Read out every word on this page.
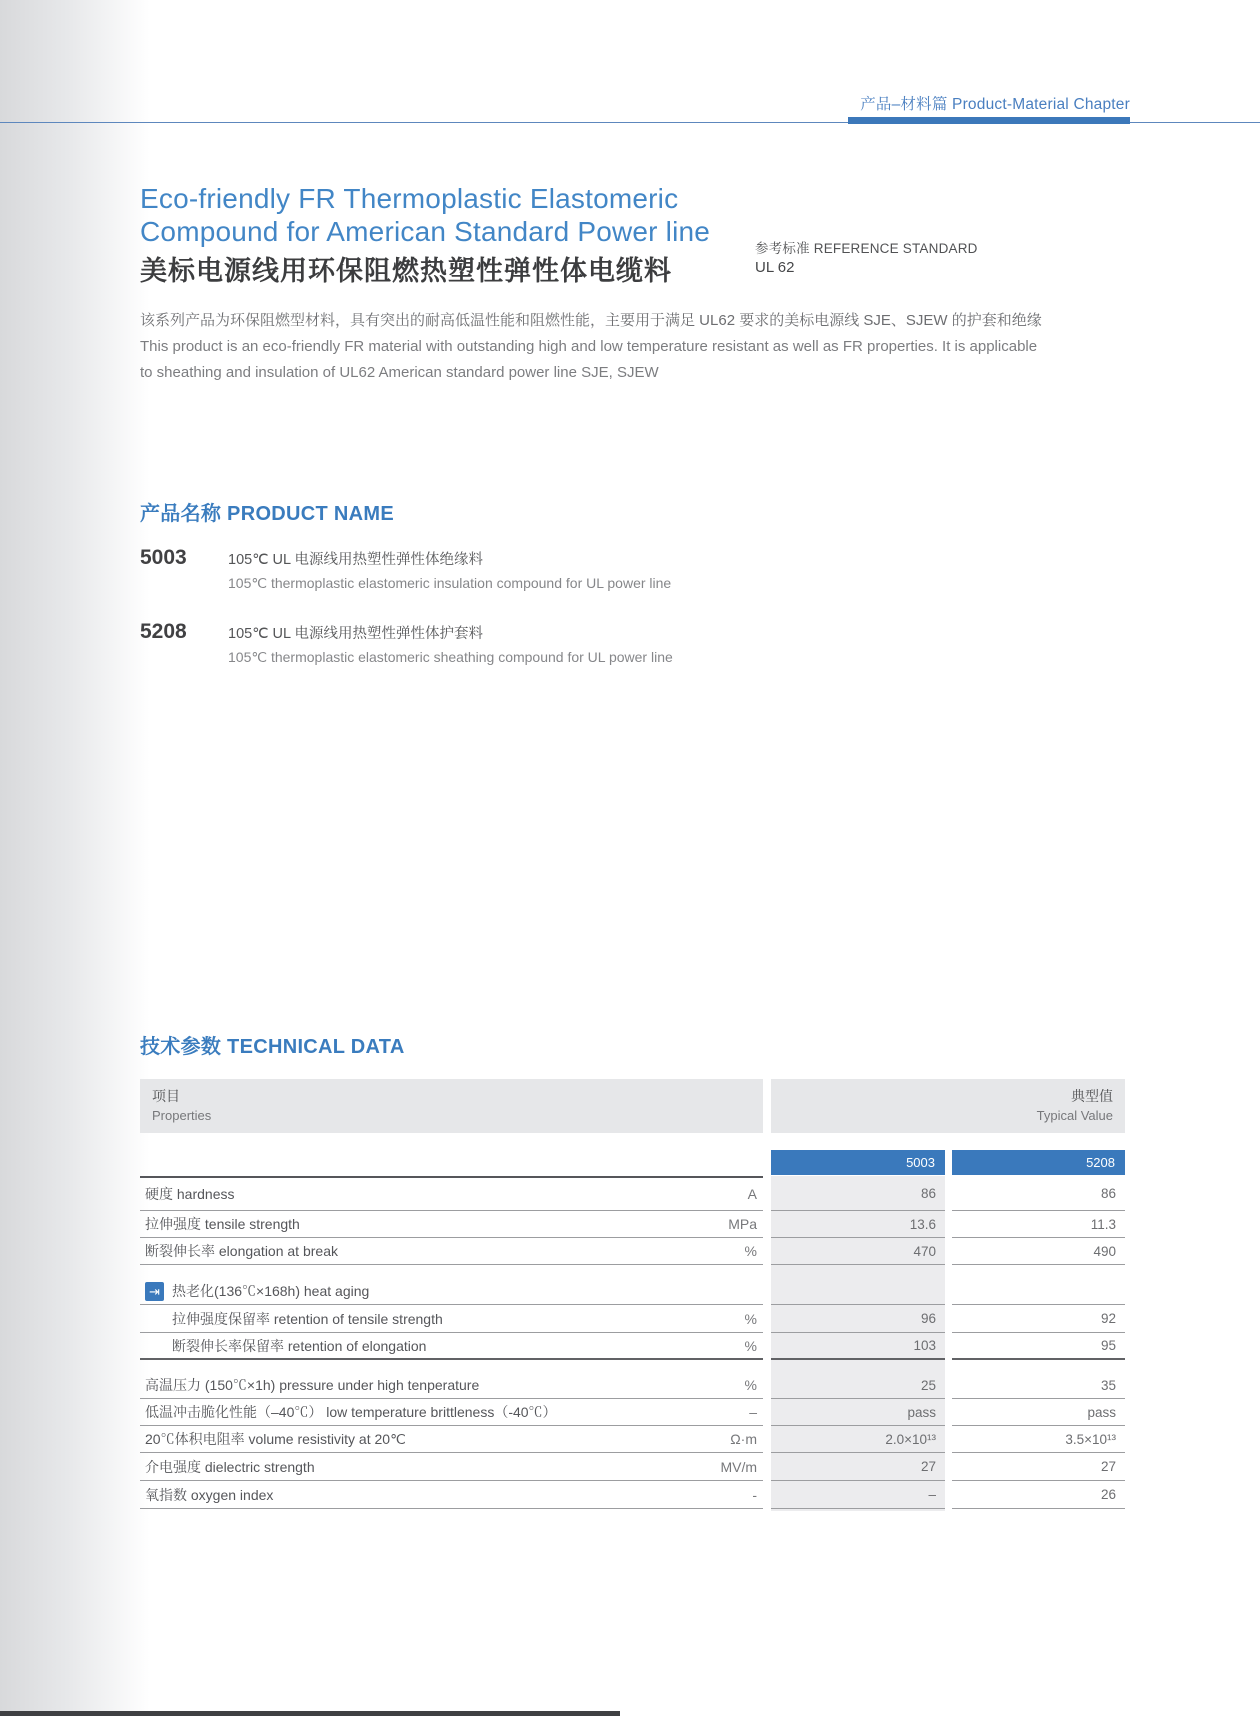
产品–材料篇 Product-Material Chapter
Eco-friendly FR Thermoplastic Elastomeric
Compound for American Standard Power line
美标电源线用环保阻燃热塑性弹性体电缆料
参考标准 REFERENCE STANDARD
UL 62
该系列产品为环保阻燃型材料，具有突出的耐高低温性能和阻燃性能，主要用于满足 UL62 要求的美标电源线 SJE、SJEW 的护套和绝缘
This product is an eco-friendly FR material with outstanding high and low temperature resistant as well as FR properties. It is applicable to sheathing and insulation of UL62 American standard power line SJE, SJEW
产品名称 PRODUCT NAME
5003	105℃ UL 电源线用热塑性弹性体绝缘料
105℃ thermoplastic elastomeric insulation compound for UL power line
5208	105℃ UL 电源线用热塑性弹性体护套料
105℃ thermoplastic elastomeric sheathing compound for UL power line
技术参数 TECHNICAL DATA
项目
Properties
典型值
Typical Value
5003	5208
硬度 hardness	A	86	86
拉伸强度 tensile strength	MPa	13.6	11.3
断裂伸长率 elongation at break	%	470	490
⇥ 热老化(136℃×168h) heat aging
拉伸强度保留率 retention of tensile strength	%	96	92
断裂伸长率保留率 retention of elongation	%	103	95
高温压力 (150℃×1h) pressure under high tenperature	%	25	35
低温冲击脆化性能（–40℃） low temperature brittleness（-40℃）	–	pass	pass
20℃体积电阻率 volume resistivity at 20℃	Ω·m	2.0×10¹³	3.5×10¹³
介电强度 dielectric strength	MV/m	27	27
氧指数 oxygen index	-	–	26
